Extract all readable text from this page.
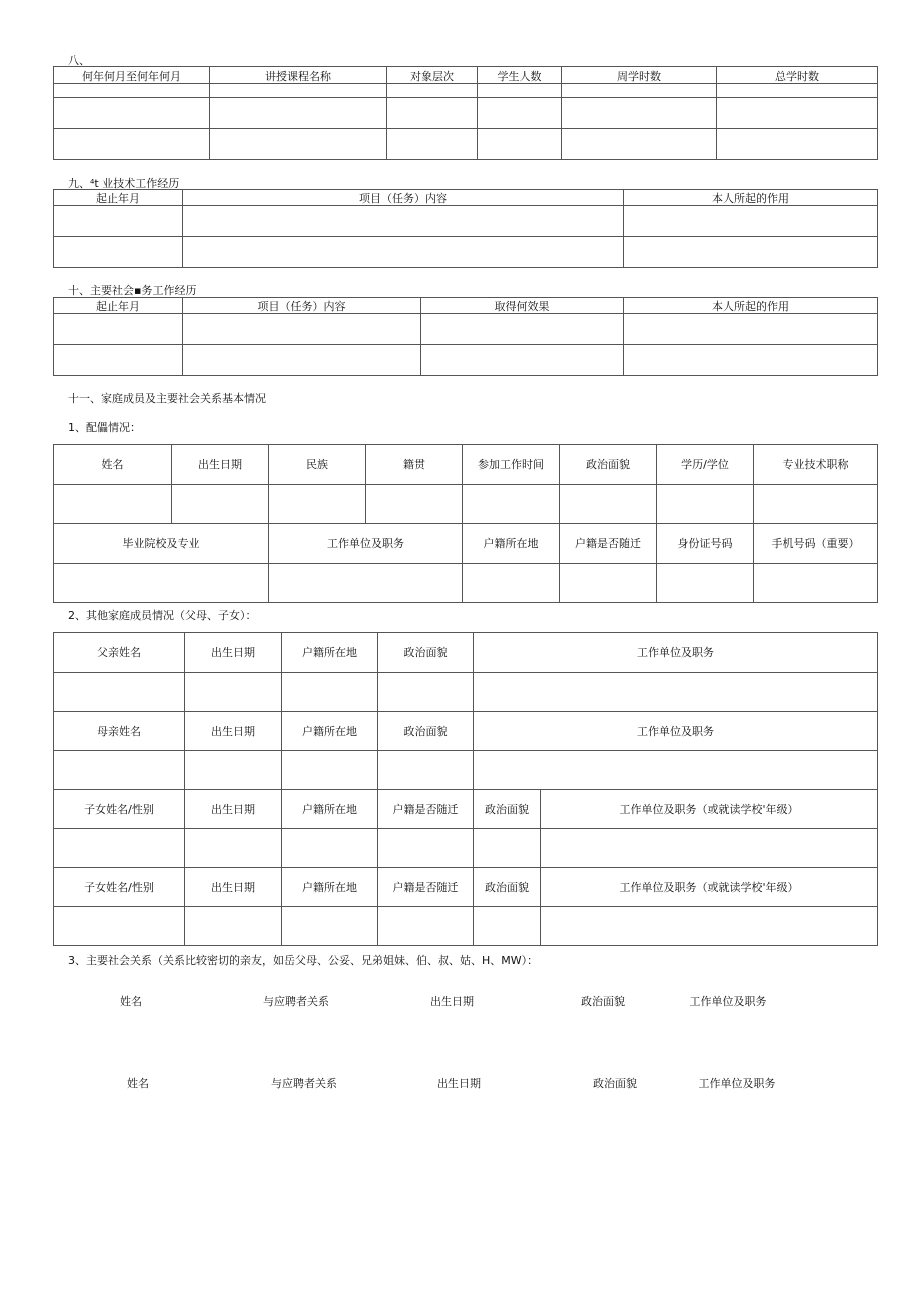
八、
何年何月至何年何月	讲授课程名称	对象层次	学生人数	周学时数	总学时数

九、⁴t 业技术工作经历
起止年月	项目（任务）内容	本人所起的作用

十、主要社会▪务工作经历
起止年月	项目（任务）内容	取得何效果	本人所起的作用

十一、家庭成员及主要社会关系基本情况
1、配儡情况：
姓名	出生日期	民族	籍贯	参加工作时间	政治面貌	学历/学位	专业技术职称

毕业院校及专业		工作单位及职务		户籍所在地	户籍是否随迁	身份证号码	手机号码（重要）

2、其他家庭成员情况（父母、子女）：
父亲姓名	出生日期	户籍所在地	政治面貌	工作单位及职务	

母亲姓名	出生日期	户籍所在地	政治面貌	工作单位及职务	

子女姓名/性别	出生日期	户籍所在地	户籍是否随迁	政治面貌	工作单位及职务（或就读学校'年级）

子女姓名/性别	出生日期	户籍所在地	户籍是否随迁	政治面貌	工作单位及职务（或就读学校'年级）

3、主要社会关系（关系比较密切的亲友，如岳父母、公妥、兄弟姐妹、伯、叔、姑、H、MW）：
姓名	与应聘者关系	出生日期	政治面貌	工作单位及职务
姓名	与应聘者关系	出生日期	政治面貌	工作单位及职务
